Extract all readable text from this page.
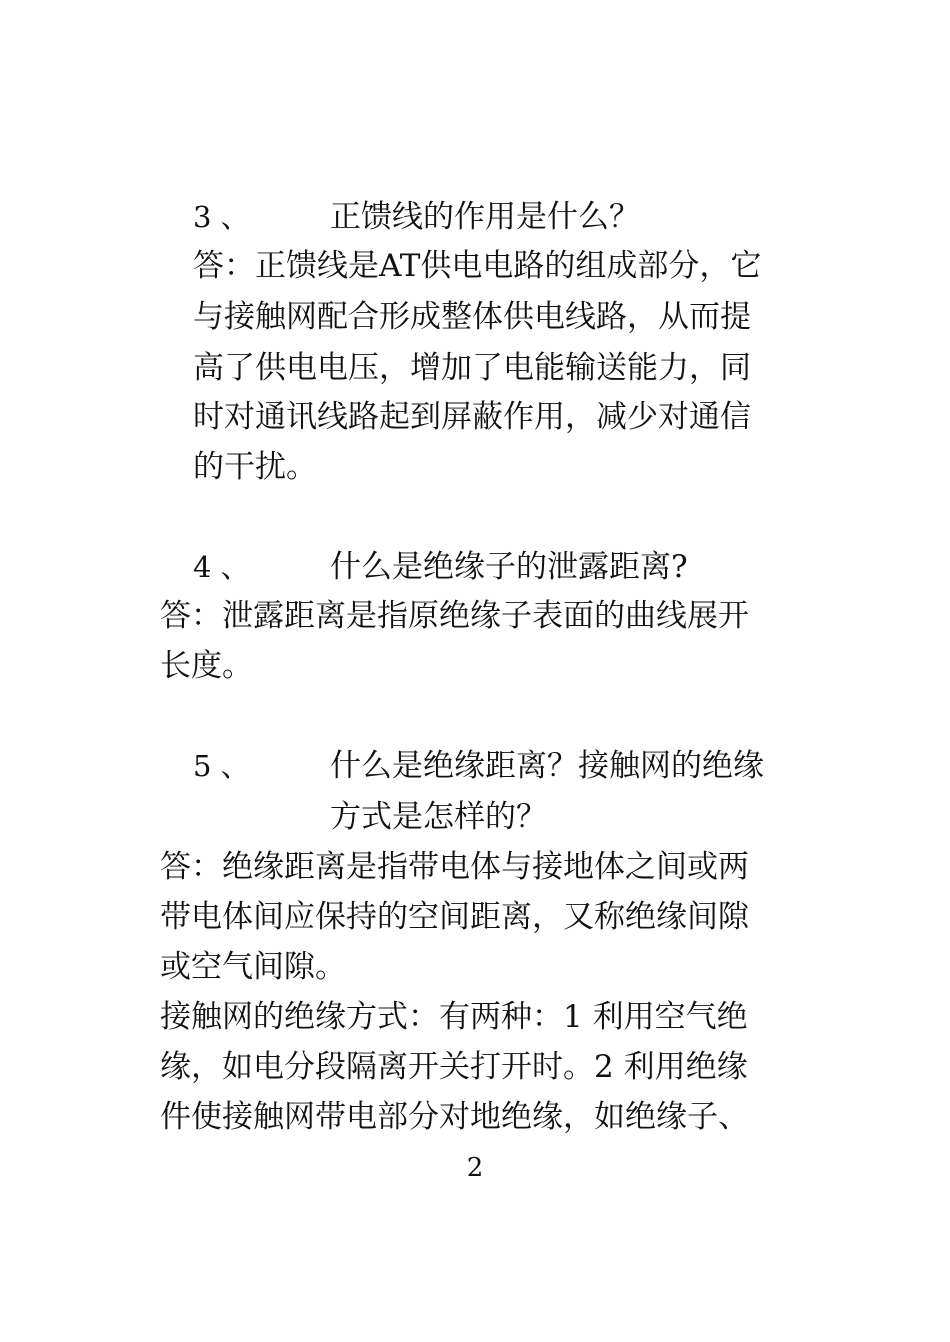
3 、	正馈线的作用是什么？
答：正馈线是AT供电电路的组成部分，它
与接触网配合形成整体供电线路，从而提
高了供电电压，增加了电能输送能力，同
时对通讯线路起到屏蔽作用，减少对通信
的干扰。
4 、	什么是绝缘子的泄露距离?
答：泄露距离是指原绝缘子表面的曲线展开
长度。
5 、	什么是绝缘距离？接触网的绝缘
方式是怎样的？
答：绝缘距离是指带电体与接地体之间或两
带电体间应保持的空间距离，又称绝缘间隙
或空气间隙。
接触网的绝缘方式：有两种：1 利用空气绝
缘，如电分段隔离开关打开时。2 利用绝缘
件使接触网带电部分对地绝缘，如绝缘子、
2
